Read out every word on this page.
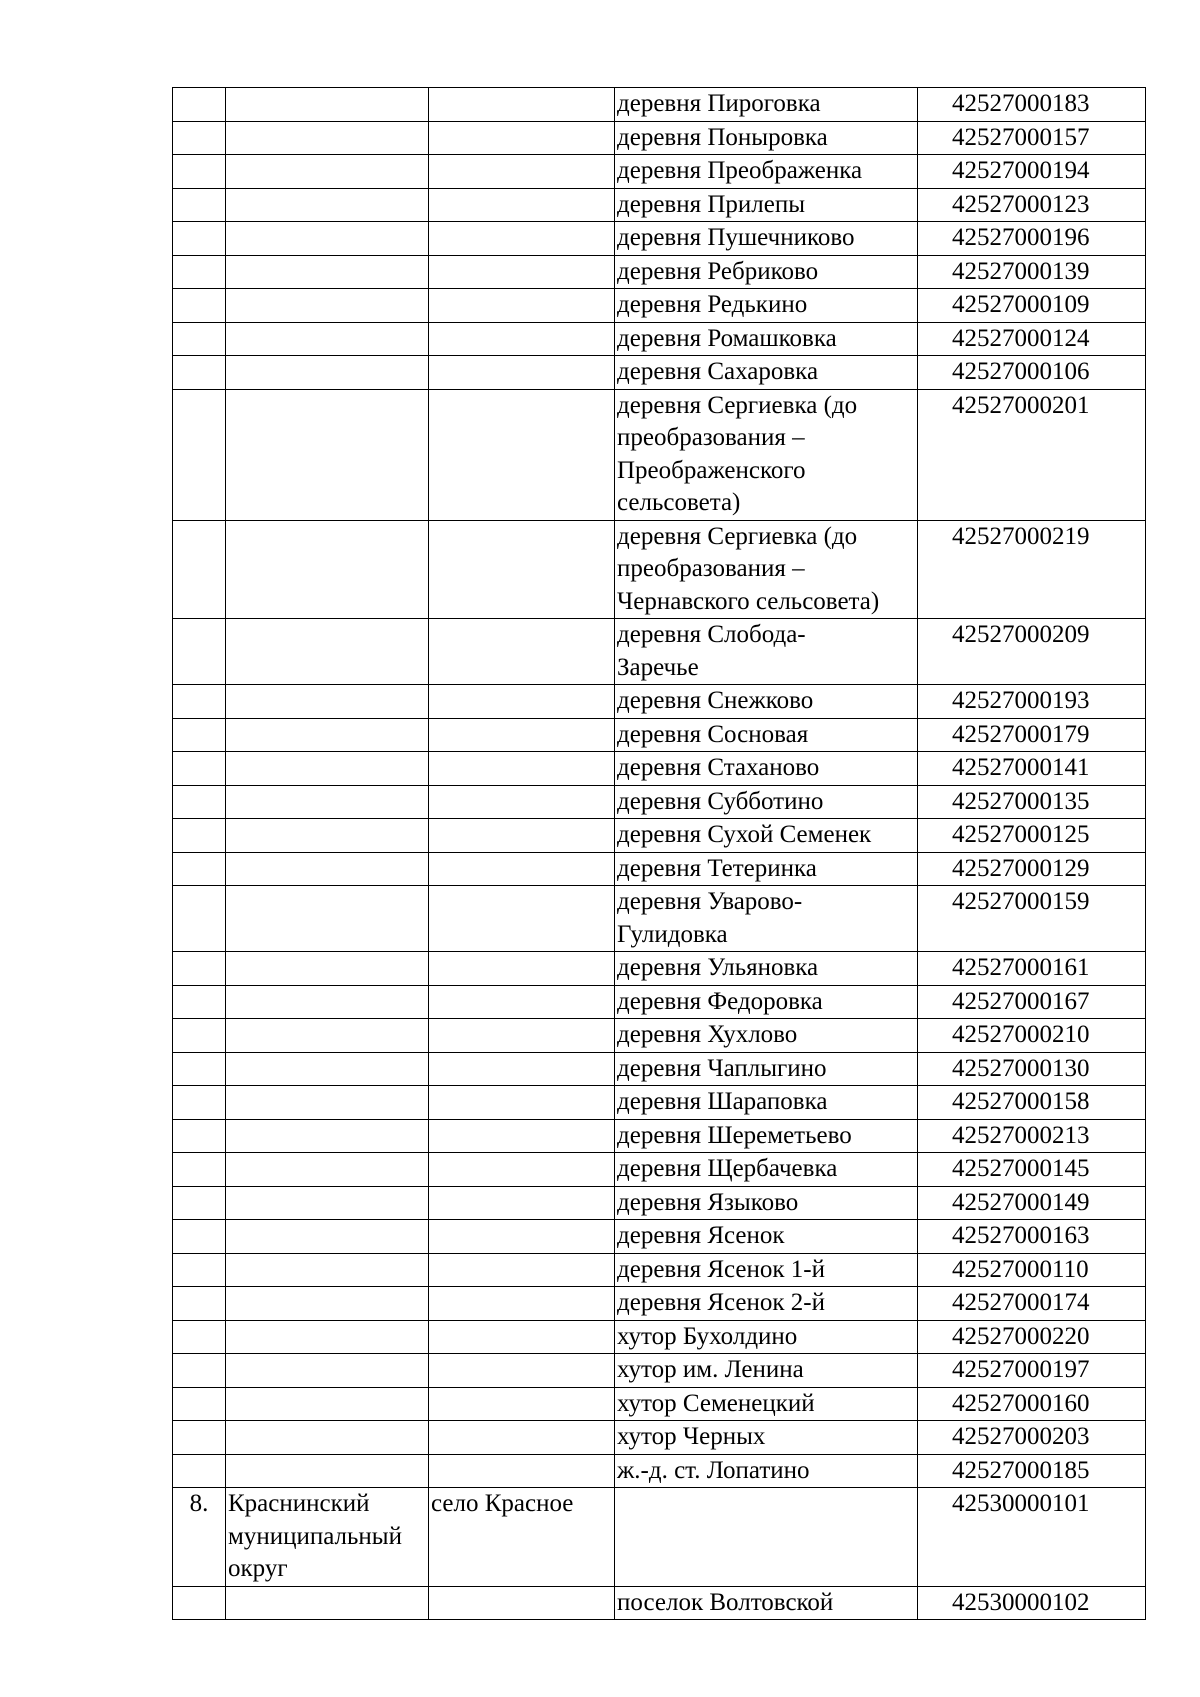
			деревня Пироговка	42527000183
			деревня Поныровка	42527000157
			деревня Преображенка	42527000194
			деревня Прилепы	42527000123
			деревня Пушечниково	42527000196
			деревня Ребриково	42527000139
			деревня Редькино	42527000109
			деревня Ромашковка	42527000124
			деревня Сахаровка	42527000106
			деревня Сергиевка (до
преобразования –
Преображенского
сельсовета)	42527000201
			деревня Сергиевка (до
преобразования –
Чернавского сельсовета)	42527000219
			деревня Слобода-
Заречье	42527000209
			деревня Снежково	42527000193
			деревня Сосновая	42527000179
			деревня Стаханово	42527000141
			деревня Субботино	42527000135
			деревня Сухой Семенек	42527000125
			деревня Тетеринка	42527000129
			деревня Уварово-
Гулидовка	42527000159
			деревня Ульяновка	42527000161
			деревня Федоровка	42527000167
			деревня Хухлово	42527000210
			деревня Чаплыгино	42527000130
			деревня Шараповка	42527000158
			деревня Шереметьево	42527000213
			деревня Щербачевка	42527000145
			деревня Языково	42527000149
			деревня Ясенок	42527000163
			деревня Ясенок 1-й	42527000110
			деревня Ясенок 2-й	42527000174
			хутор Бухолдино	42527000220
			хутор им. Ленина	42527000197
			хутор Семенецкий	42527000160
			хутор Черных	42527000203
			ж.-д. ст. Лопатино	42527000185
8.	Краснинский
муниципальный
округ	село Красное		42530000101
			поселок Волтовской	42530000102
